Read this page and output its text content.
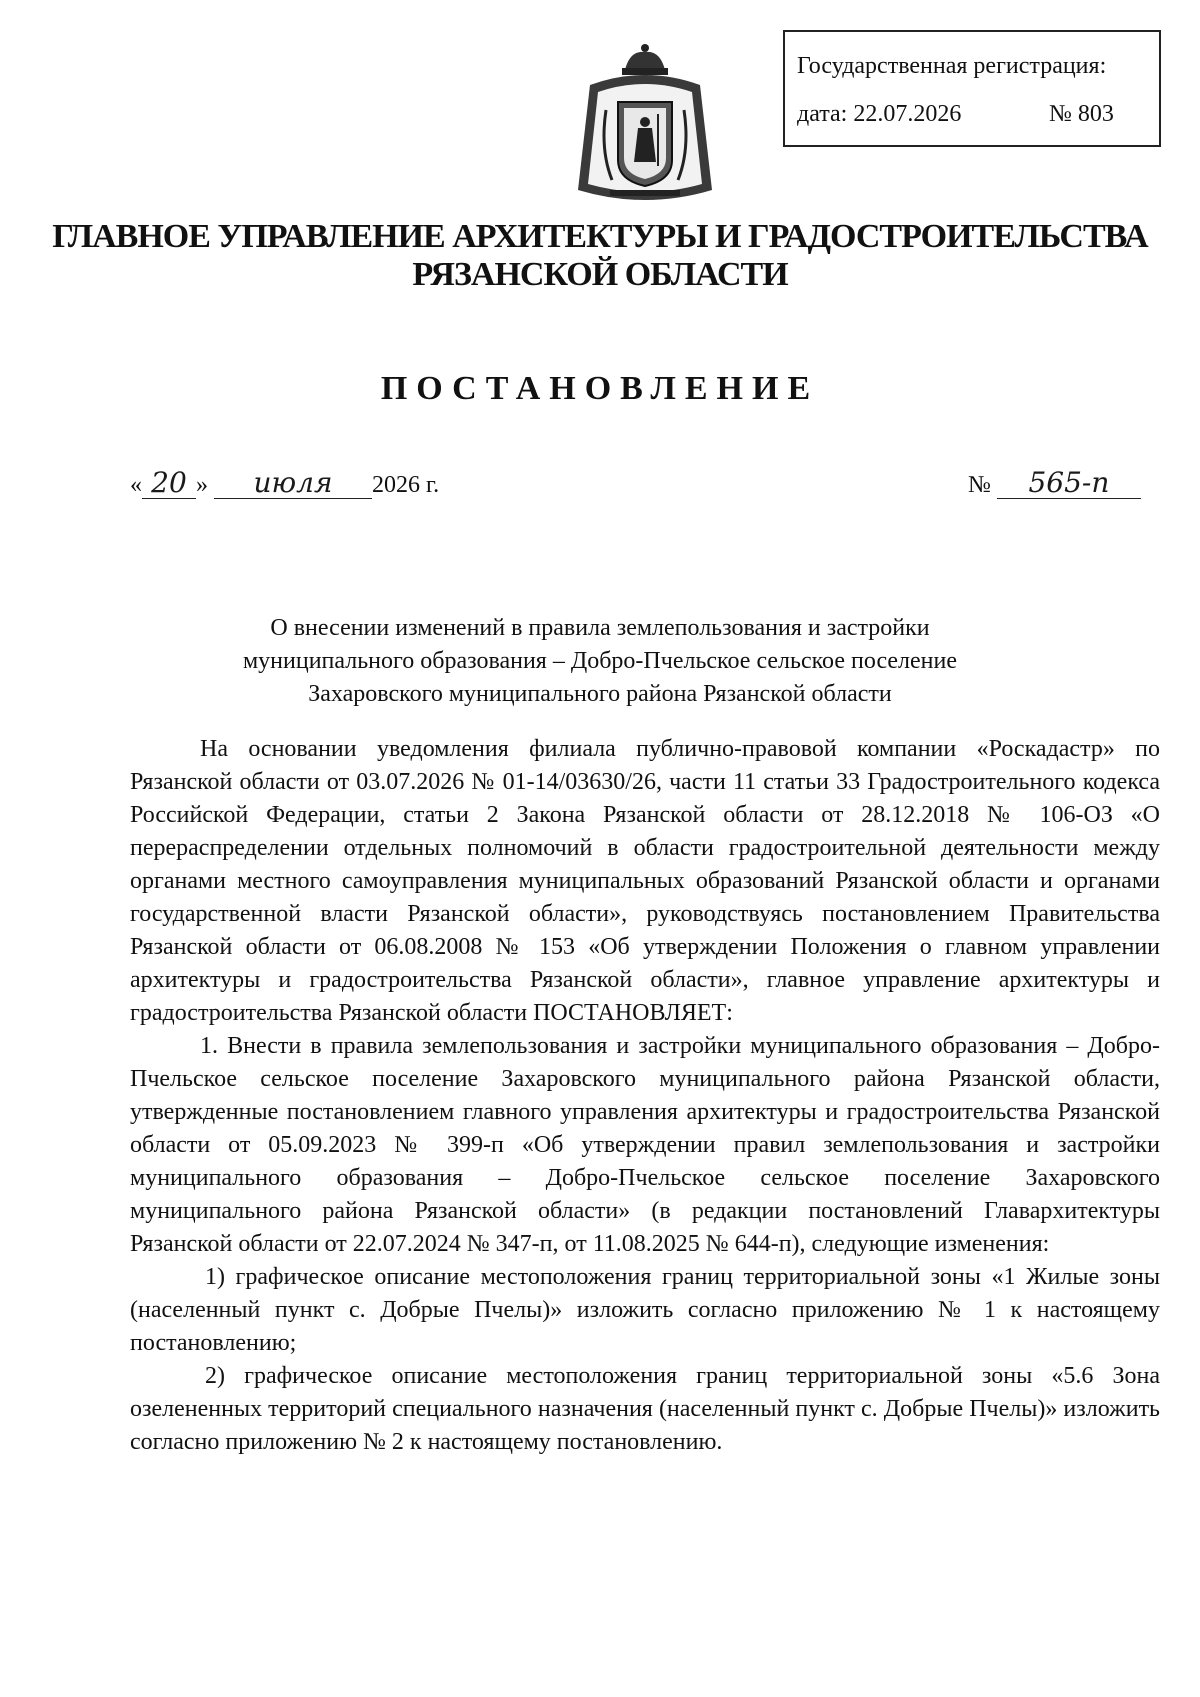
Государственная регистрация:
дата: 22.07.2026	№ 803
ГЛАВНОЕ УПРАВЛЕНИЕ АРХИТЕКТУРЫ И ГРАДОСТРОИТЕЛЬСТВА
РЯЗАНСКОЙ ОБЛАСТИ
ПОСТАНОВЛЕНИЕ
« 20 » июля 2026 г.	№ 565-п
О внесении изменений в правила землепользования и застройки
муниципального образования – Добро-Пчельское сельское поселение
Захаровского муниципального района Рязанской области

На основании уведомления филиала публично-правовой компании «Роскадастр» по Рязанской области от 03.07.2026 № 01-14/03630/26, части 11 статьи 33 Градостроительного кодекса Российской Федерации, статьи 2 Закона Рязанской области от 28.12.2018 № 106-ОЗ «О перераспределении отдельных полномочий в области градостроительной деятельности между органами местного самоуправления муниципальных образований Рязанской области и органами государственной власти Рязанской области», руководствуясь постановлением Правительства Рязанской области от 06.08.2008 № 153 «Об утверждении Положения о главном управлении архитектуры и градостроительства Рязанской области», главное управление архитектуры и градостроительства Рязанской области ПОСТАНОВЛЯЕТ:

1. Внести в правила землепользования и застройки муниципального образования – Добро-Пчельское сельское поселение Захаровского муниципального района Рязанской области, утвержденные постановлением главного управления архитектуры и градостроительства Рязанской области от 05.09.2023 № 399-п «Об утверждении правил землепользования и застройки муниципального образования – Добро-Пчельское сельское поселение Захаровского муниципального района Рязанской области» (в редакции постановлений Главархитектуры Рязанской области от 22.07.2024 № 347-п, от 11.08.2025 № 644-п), следующие изменения:

1) графическое описание местоположения границ территориальной зоны «1 Жилые зоны (населенный пункт с. Добрые Пчелы)» изложить согласно приложению № 1 к настоящему постановлению;

2) графическое описание местоположения границ территориальной зоны «5.6 Зона озелененных территорий специального назначения (населенный пункт с. Добрые Пчелы)» изложить согласно приложению № 2 к настоящему постановлению.
